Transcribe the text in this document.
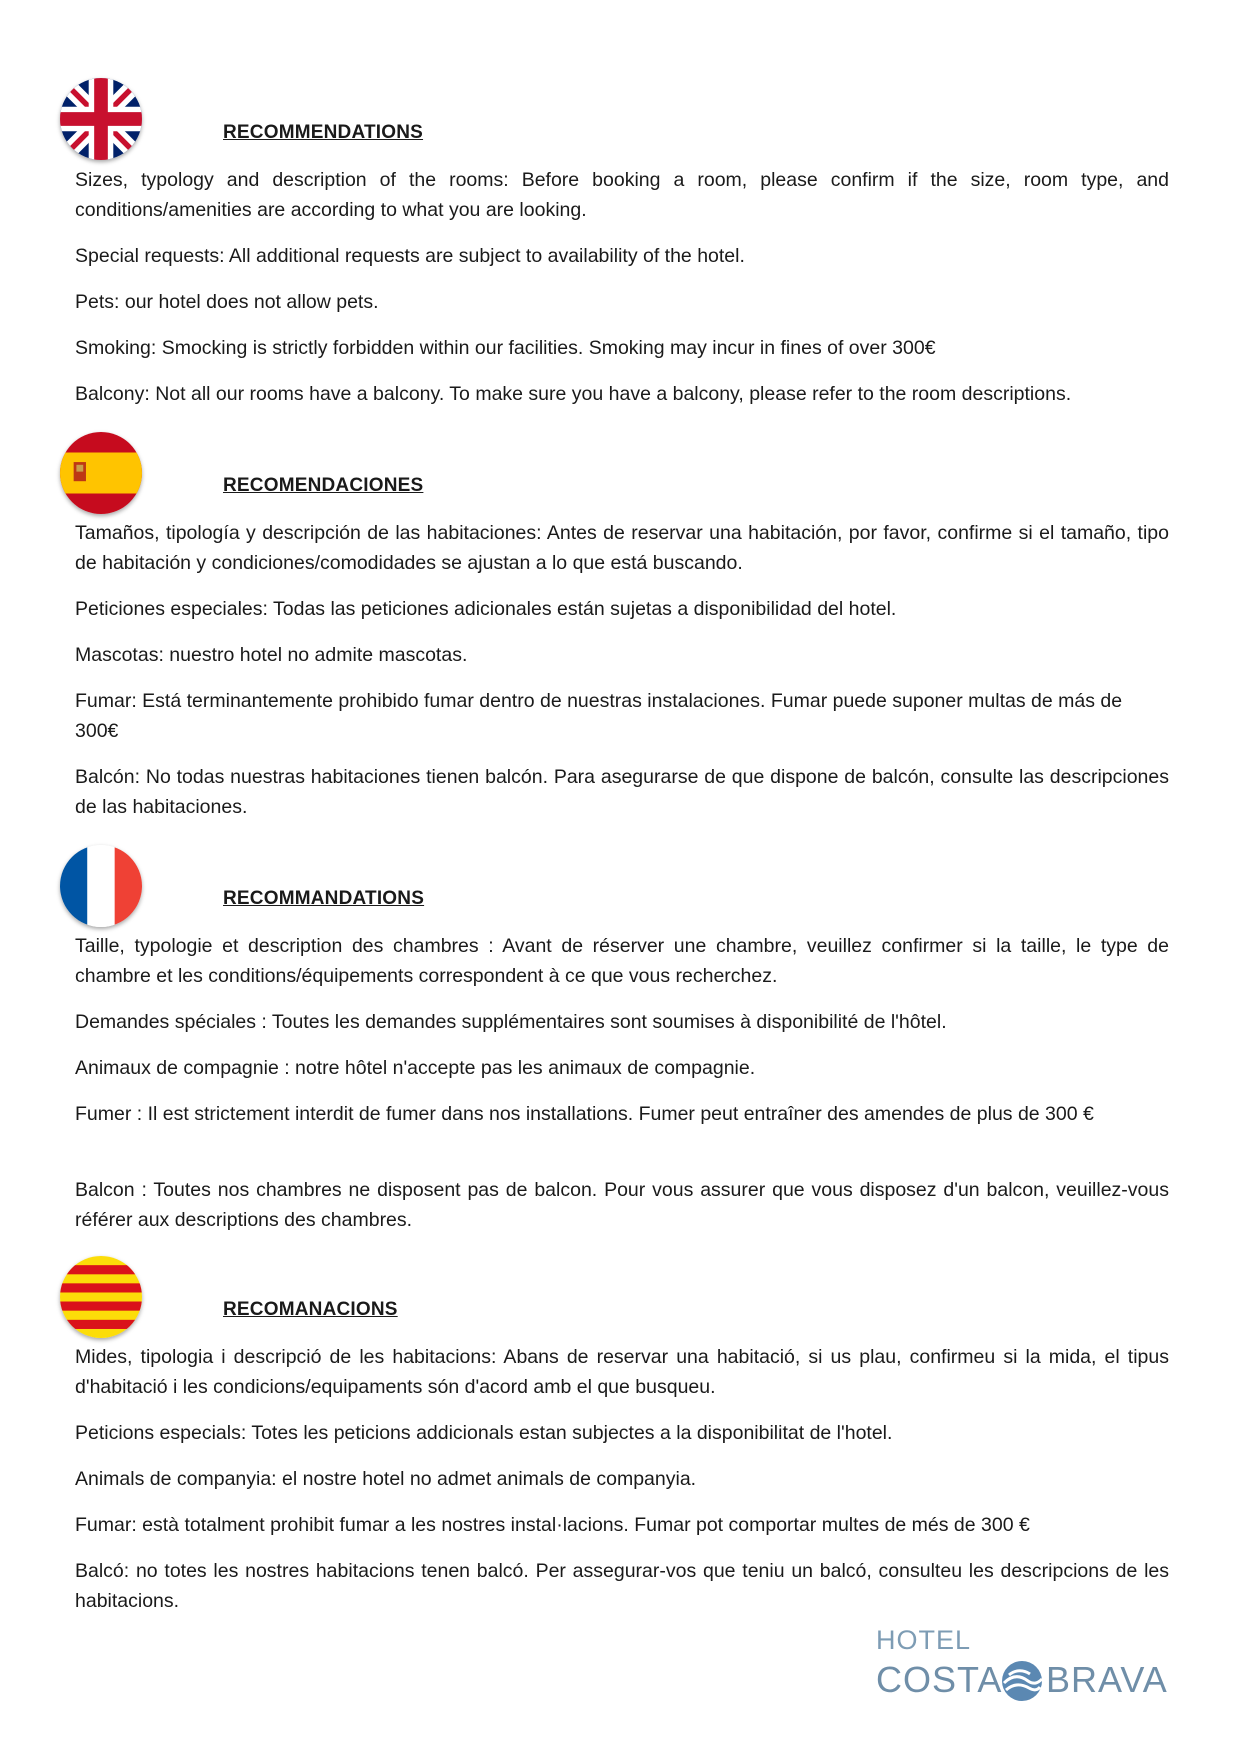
RECOMMENDATIONS
Sizes, typology and description of the rooms: Before booking a room, please confirm if the size, room type, and conditions/amenities are according to what you are looking.
Special requests: All additional requests are subject to availability of the hotel.
Pets: our hotel does not allow pets.
Smoking: Smocking is strictly forbidden within our facilities. Smoking may incur in fines of over 300€
Balcony: Not all our rooms have a balcony. To make sure you have a balcony, please refer to the room descriptions.
RECOMENDACIONES
Tamaños, tipología y descripción de las habitaciones: Antes de reservar una habitación, por favor, confirme si el tamaño, tipo de habitación y condiciones/comodidades se ajustan a lo que está buscando.
Peticiones especiales: Todas las peticiones adicionales están sujetas a disponibilidad del hotel.
Mascotas: nuestro hotel no admite mascotas.
Fumar: Está terminantemente prohibido fumar dentro de nuestras instalaciones. Fumar puede suponer multas de más de 300€
Balcón: No todas nuestras habitaciones tienen balcón. Para asegurarse de que dispone de balcón, consulte las descripciones de las habitaciones.
RECOMMANDATIONS
Taille, typologie et description des chambres : Avant de réserver une chambre, veuillez confirmer si la taille, le type de chambre et les conditions/équipements correspondent à ce que vous recherchez.
Demandes spéciales : Toutes les demandes supplémentaires sont soumises à disponibilité de l'hôtel.
Animaux de compagnie : notre hôtel n'accepte pas les animaux de compagnie.
Fumer : Il est strictement interdit de fumer dans nos installations. Fumer peut entraîner des amendes de plus de 300 €
Balcon : Toutes nos chambres ne disposent pas de balcon. Pour vous assurer que vous disposez d'un balcon, veuillez-vous référer aux descriptions des chambres.
RECOMANACIONS
Mides, tipologia i descripció de les habitacions: Abans de reservar una habitació, si us plau, confirmeu si la mida, el tipus d'habitació i les condicions/equipaments són d'acord amb el que busqueu.
Peticions especials: Totes les peticions addicionals estan subjectes a la disponibilitat de l'hotel.
Animals de companyia: el nostre hotel no admet animals de companyia.
Fumar: està totalment prohibit fumar a les nostres instal·lacions. Fumar pot comportar multes de més de 300 €
Balcó: no totes les nostres habitacions tenen balcó. Per assegurar-vos que teniu un balcó, consulteu les descripcions de les habitacions.
HOTEL
COSTA BRAVA
